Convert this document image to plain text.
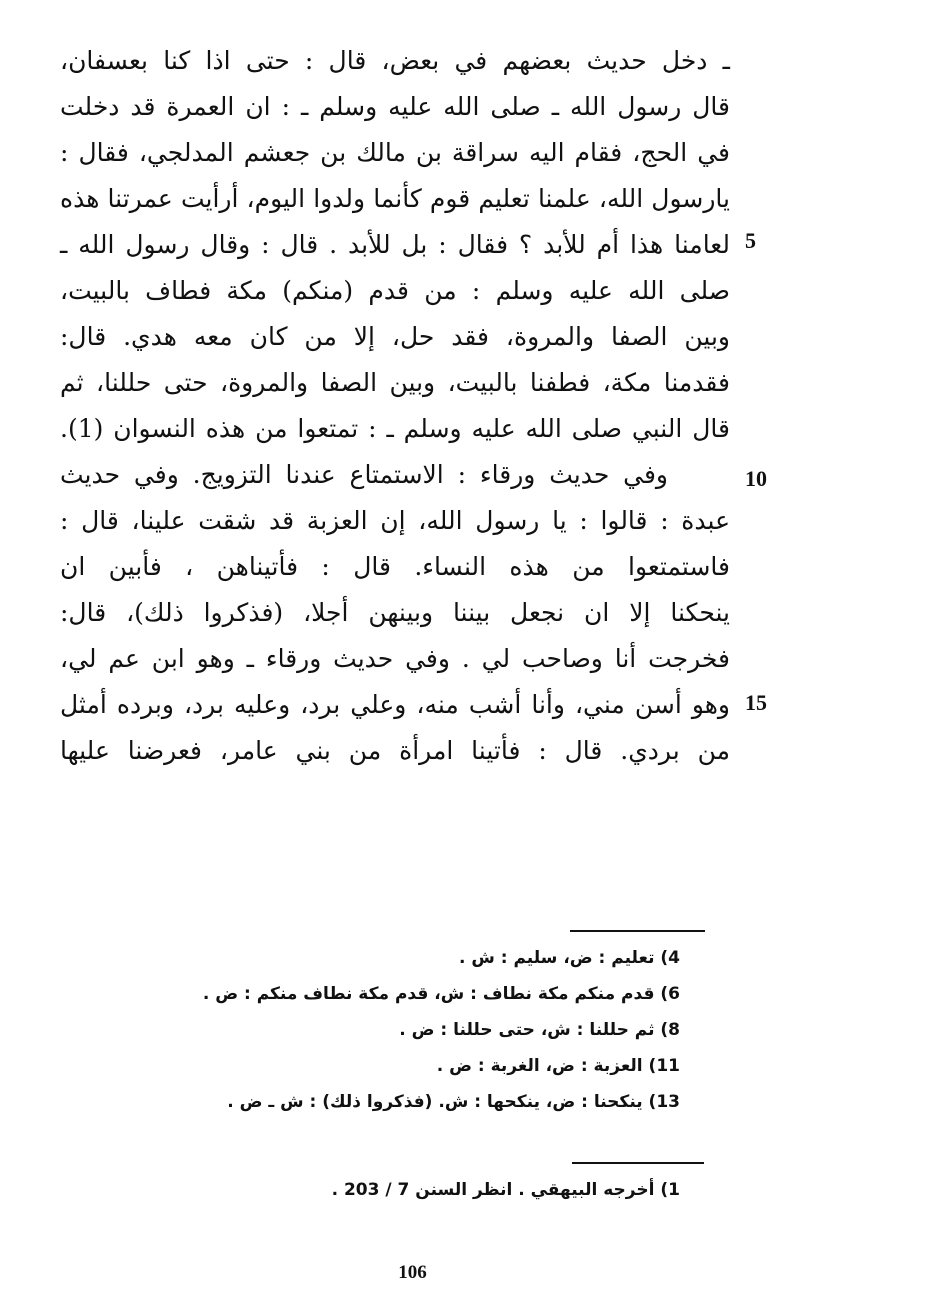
ـ دخل حديث بعضهم في بعض، قال : حتى اذا كنا بعسفان،
قال رسول الله ـ صلى الله عليه وسلم ـ : ان العمرة قد دخلت
في الحج، فقام اليه سراقة بن مالك بن جعشم المدلجي، فقال :
يارسول الله، علمنا تعليم قوم كأنما ولدوا اليوم، أرأيت عمرتنا هذه
لعامنا هذا أم للأبد ؟ فقال : بل للأبد . قال : وقال رسول الله ـ
صلى الله عليه وسلم : من قدم (منكم) مكة فطاف بالبيت،
وبين الصفا والمروة، فقد حل، إلا من كان معه هدي. قال:
فقدمنا مكة، فطفنا بالبيت، وبين الصفا والمروة، حتى حللنا، ثم
قال النبي صلى الله عليه وسلم ـ : تمتعوا من هذه النسوان (1).
وفي حديث ورقاء : الاستمتاع عندنا التزويج. وفي حديث
عبدة : قالوا : يا رسول الله، إن العزبة قد شقت علينا، قال :
فاستمتعوا من هذه النساء. قال : فأتيناهن ، فأبين ان
ينحكنا إلا ان نجعل بيننا وبينهن أجلا، (فذكروا ذلك)، قال:
فخرجت أنا وصاحب لي . وفي حديث ورقاء ـ وهو ابن عم لي،
وهو أسن مني، وأنا أشب منه، وعلي برد، وعليه برد، وبرده أمثل
من بردي. قال : فأتينا امرأة من بني عامر، فعرضنا عليها
5
10
15
4) تعليم : ض، سليم : ش .
6) قدم منكم مكة نطاف : ش، قدم مكة نطاف منكم : ض .
8) ثم حللنا : ش، حتى حللنا : ض .
11) العزبة : ض، الغربة : ض .
13) ينكحنا : ض، ينكحها : ش. (فذكروا ذلك) : ش ـ ض .
1) أخرجه البيهقي . انظر السنن 7 / 203 .
106
